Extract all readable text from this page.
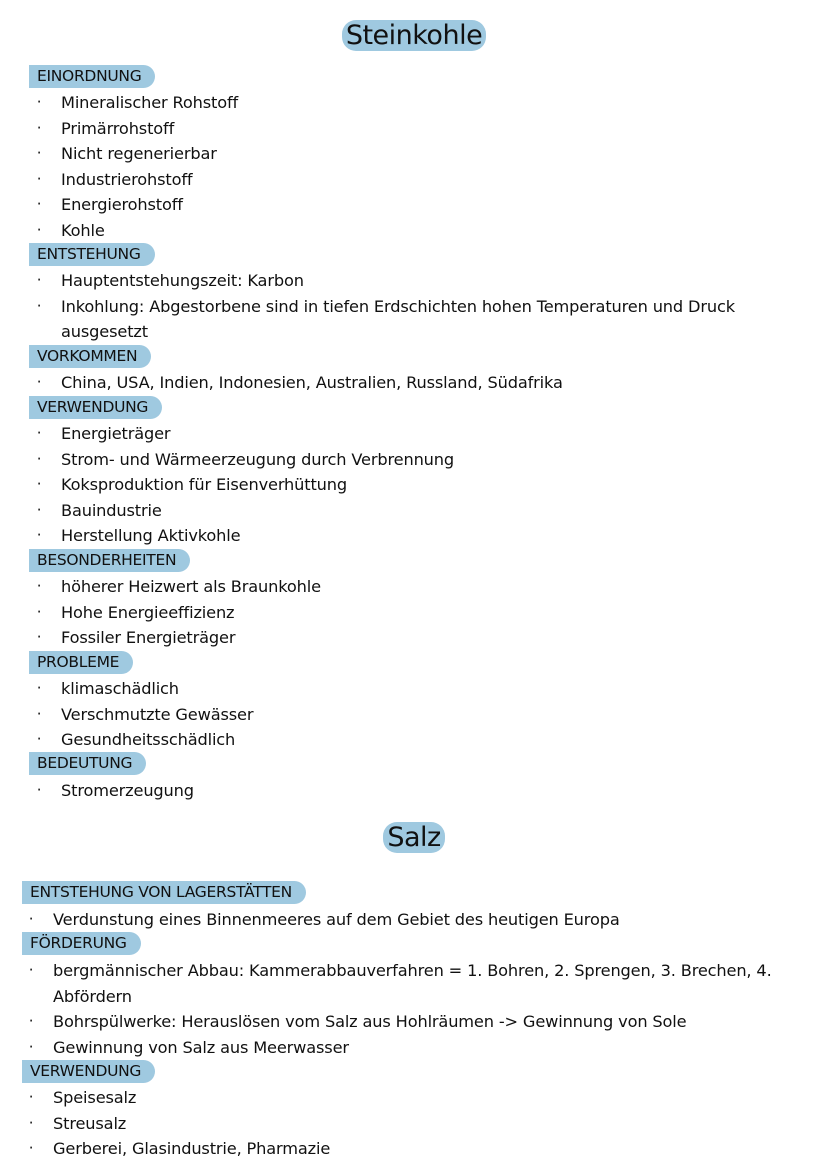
Steinkohle
EINORDNUNG
· Mineralischer Rohstoff
· Primärrohstoff
· Nicht regenerierbar
· Industrierohstoff
· Energierohstoff
· Kohle
ENTSTEHUNG
· Hauptentstehungszeit: Karbon
· Inkohlung: Abgestorbene sind in tiefen Erdschichten hohen Temperaturen und Druck ausgesetzt
VORKOMMEN
· China, USA, Indien, Indonesien, Australien, Russland, Südafrika
VERWENDUNG
· Energieträger
· Strom- und Wärmeerzeugung durch Verbrennung
· Koksproduktion für Eisenverhüttung
· Bauindustrie
· Herstellung Aktivkohle
BESONDERHEITEN
· höherer Heizwert als Braunkohle
· Hohe Energieeffizienz
· Fossiler Energieträger
PROBLEME
· klimaschädlich
· Verschmutzte Gewässer
· Gesundheitsschädlich
BEDEUTUNG
· Stromerzeugung
Salz
ENTSTEHUNG VON LAGERSTÄTTEN
· Verdunstung eines Binnenmeeres auf dem Gebiet des heutigen Europa
FÖRDERUNG
· bergmännischer Abbau: Kammerabbauverfahren = 1. Bohren, 2. Sprengen, 3. Brechen, 4. Abfördern
· Bohrspülwerke: Herauslösen vom Salz aus Hohlräumen -> Gewinnung von Sole
· Gewinnung von Salz aus Meerwasser
VERWENDUNG
· Speisesalz
· Streusalz
· Gerberei, Glasindustrie, Pharmazie
